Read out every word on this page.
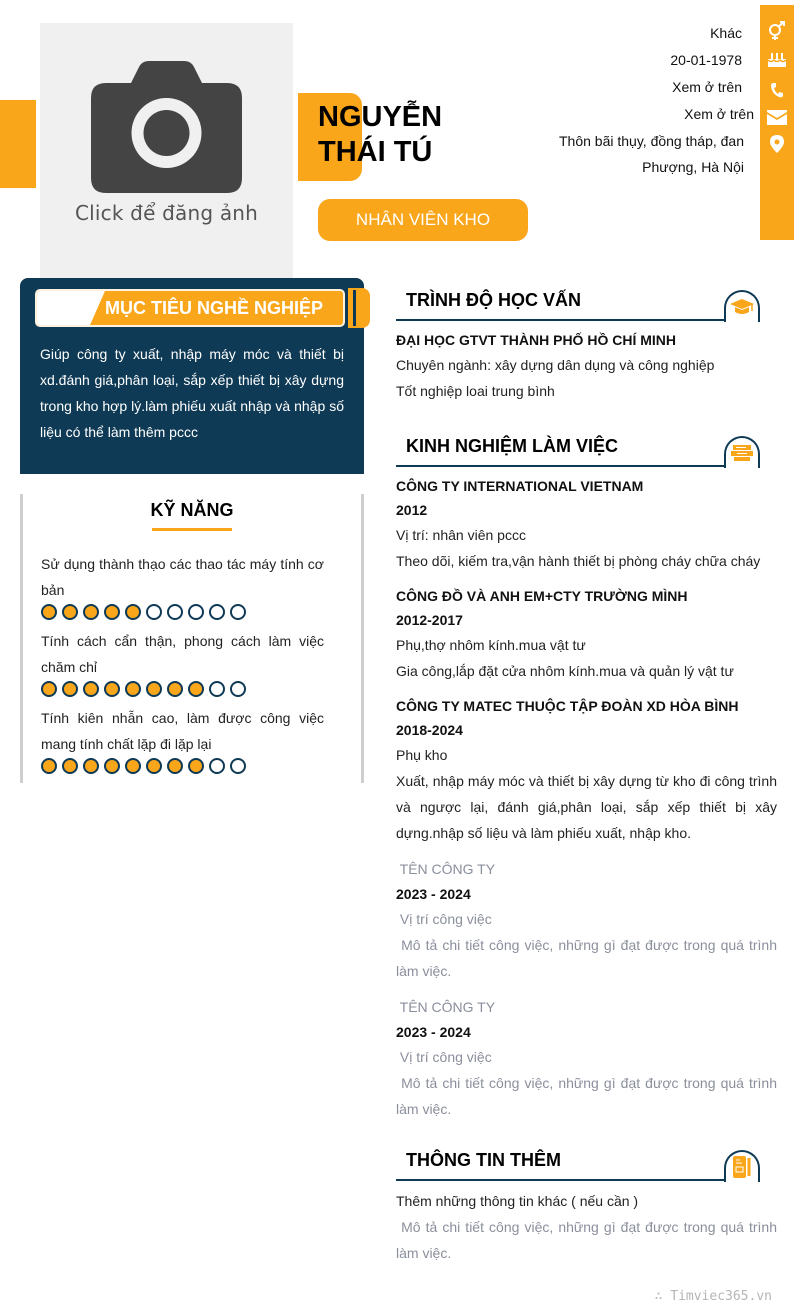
Click để đăng ảnh
NGUYỄN
THÁI TÚ
NHÂN VIÊN KHO
Khác
20-01-1978
Xem ở trên
Xem ở trên
Thôn bãi thụy, đồng tháp, đan
Phượng, Hà Nội
MỤC TIÊU NGHỀ NGHIỆP
Giúp công ty xuất, nhập máy móc và thiết bị xd.đánh giá,phân loại, sắp xếp thiết bị xây dựng trong kho hợp lý.làm phiếu xuất nhập và nhập số liệu có thể làm thêm pccc
KỸ NĂNG
Sử dụng thành thạo các thao tác máy tính cơ bản
Tính cách cẩn thận, phong cách làm việc chăm chỉ
Tính kiên nhẫn cao, làm được công việc mang tính chất lặp đi lặp lại
TRÌNH ĐỘ HỌC VẤN
ĐẠI HỌC GTVT THÀNH PHỐ HỒ CHÍ MINH
Chuyên ngành: xây dựng dân dụng và công nghiệp
Tốt nghiệp loai trung bình
KINH NGHIỆM LÀM VIỆC
CÔNG TY INTERNATIONAL VIETNAM
2012
Vị trí: nhân viên pccc
Theo dõi, kiếm tra,vận hành thiết bị phòng cháy chữa cháy
CÔNG ĐỒ VÀ ANH EM+CTY TRƯỜNG MÌNH
2012-2017
Phụ,thợ nhôm kính.mua vật tư
Gia công,lắp đặt cửa nhôm kính.mua và quản lý vật tư
CÔNG TY MATEC THUỘC TẬP ĐOÀN XD HÒA BÌNH
2018-2024
Phụ kho
Xuất, nhập máy móc và thiết bị xây dựng từ kho đi công trình và ngược lại, đánh giá,phân loại, sắp xếp thiết bị xây dựng.nhập số liệu và làm phiếu xuất, nhập kho.
TÊN CÔNG TY
2023 - 2024
Vị trí công việc
Mô tả chi tiết công việc, những gì đạt được trong quá trình làm việc.
TÊN CÔNG TY
2023 - 2024
Vị trí công việc
Mô tả chi tiết công việc, những gì đạt được trong quá trình làm việc.
THÔNG TIN THÊM
Thêm những thông tin khác ( nếu cần )
Mô tả chi tiết công việc, những gì đạt được trong quá trình làm việc.
∴ Timviec365.vn
